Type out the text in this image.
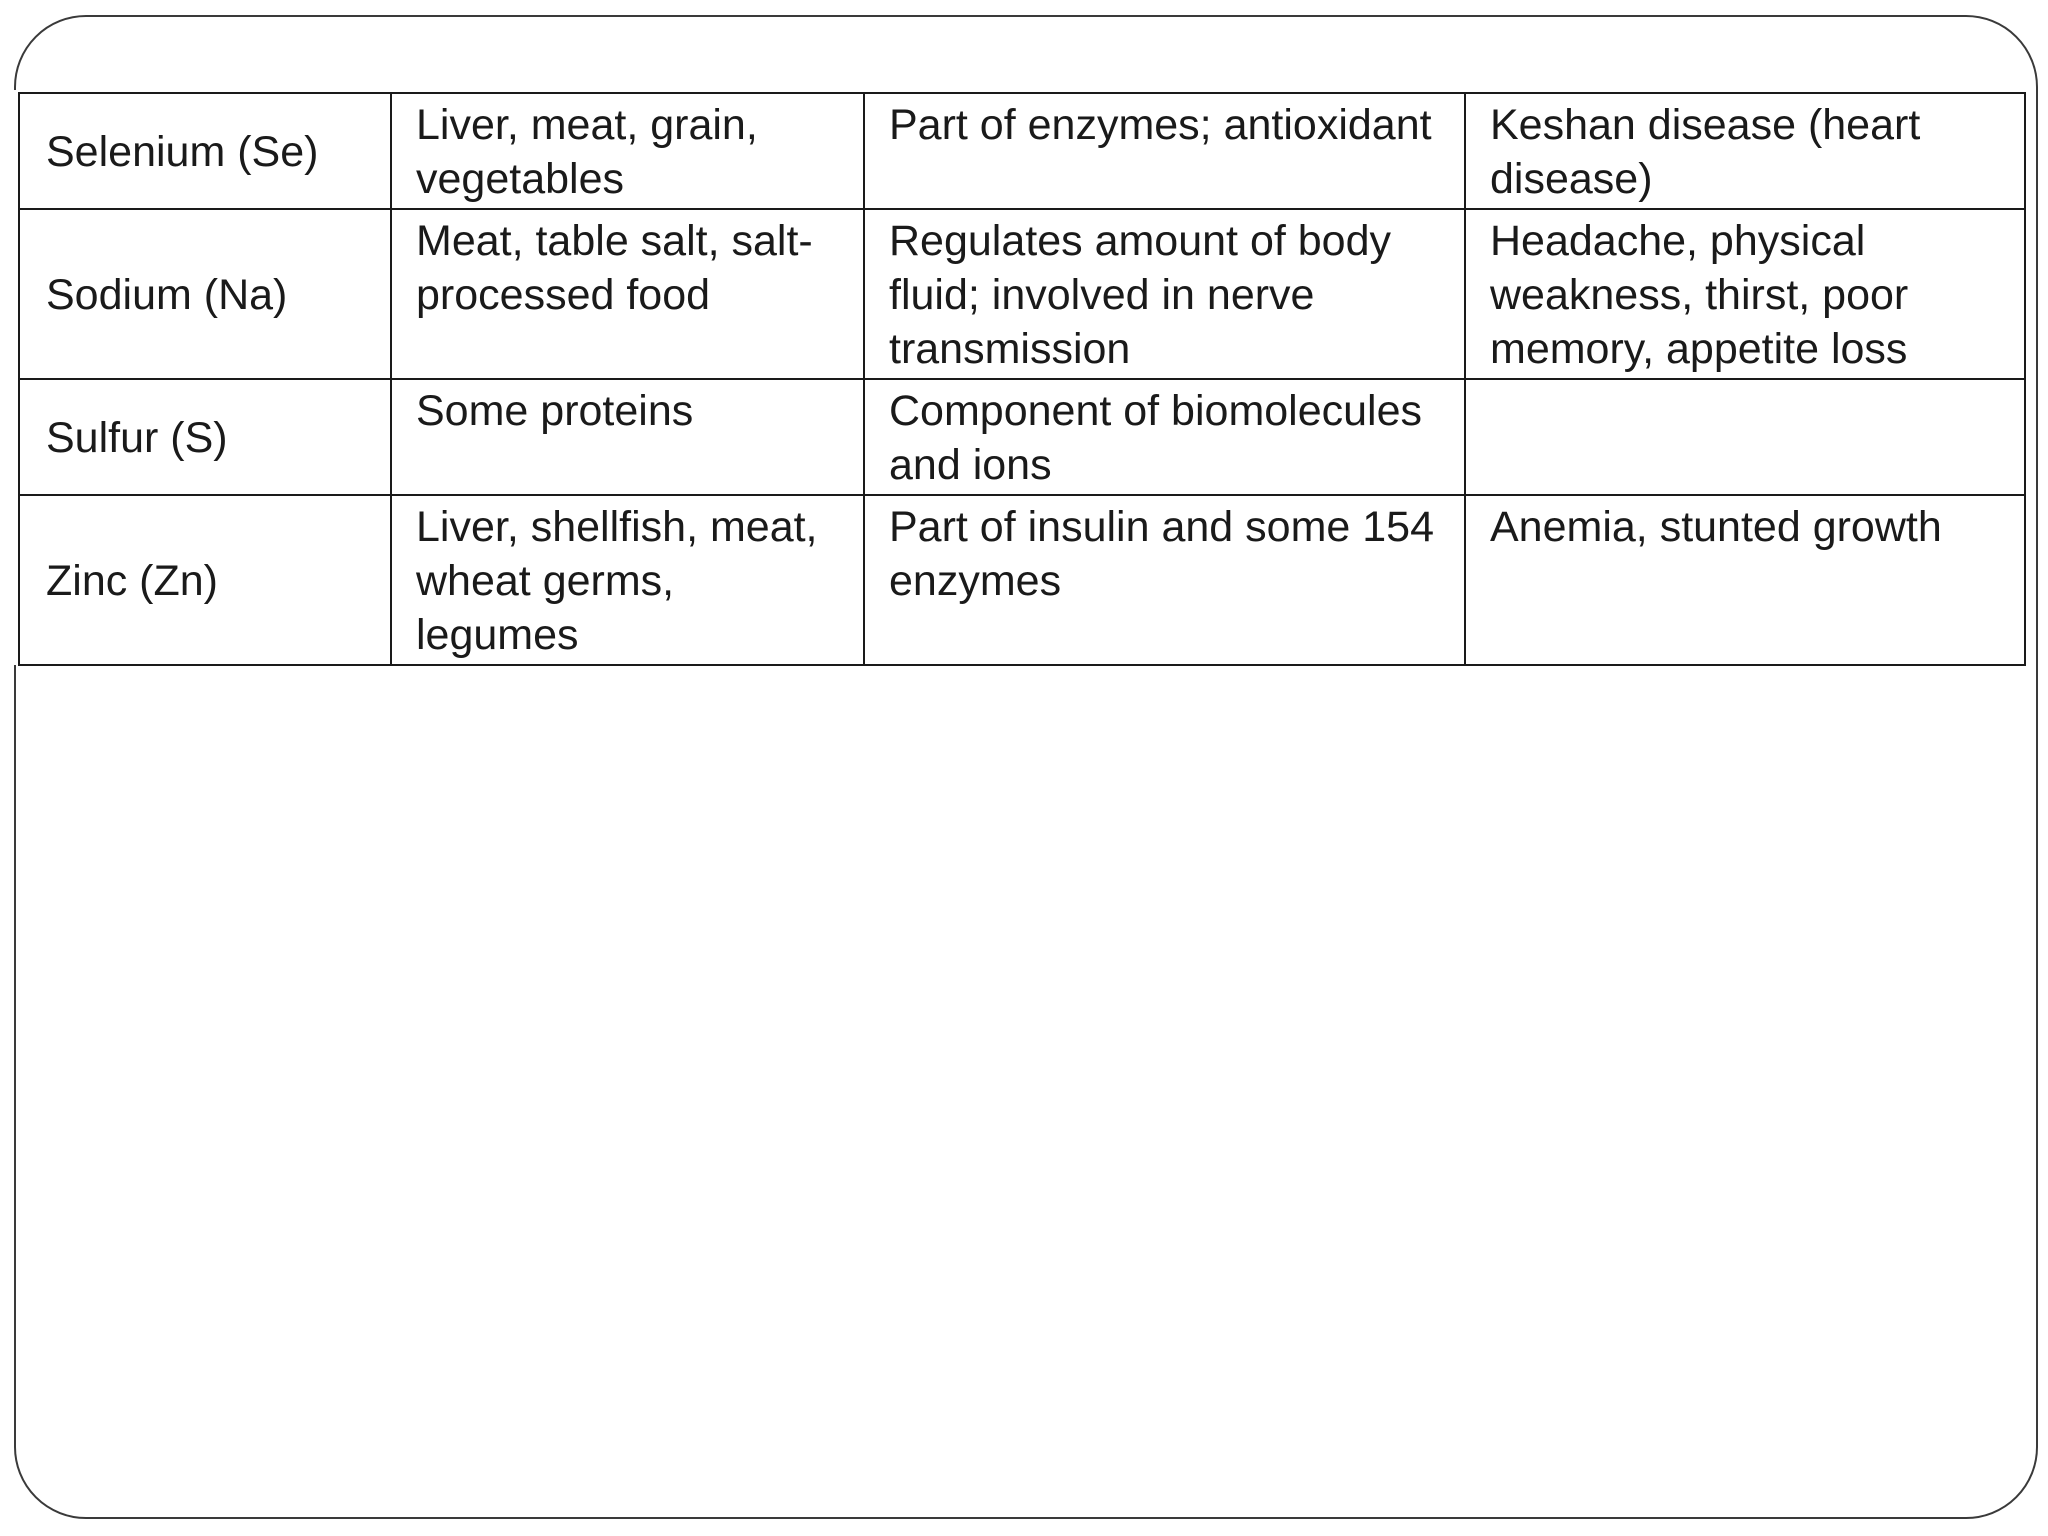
Selenium (Se)	Liver, meat, grain, vegetables	Part of enzymes; antioxidant	Keshan disease (heart disease)
Sodium (Na)	Meat, table salt, salt- processed food	Regulates amount of body fluid; involved in nerve transmission	Headache, physical weakness, thirst, poor memory, appetite loss
Sulfur (S)	Some proteins	Component of biomolecules and ions	
Zinc (Zn)	Liver, shellfish, meat, wheat germs, legumes	Part of insulin and some 154 enzymes	Anemia, stunted growth
